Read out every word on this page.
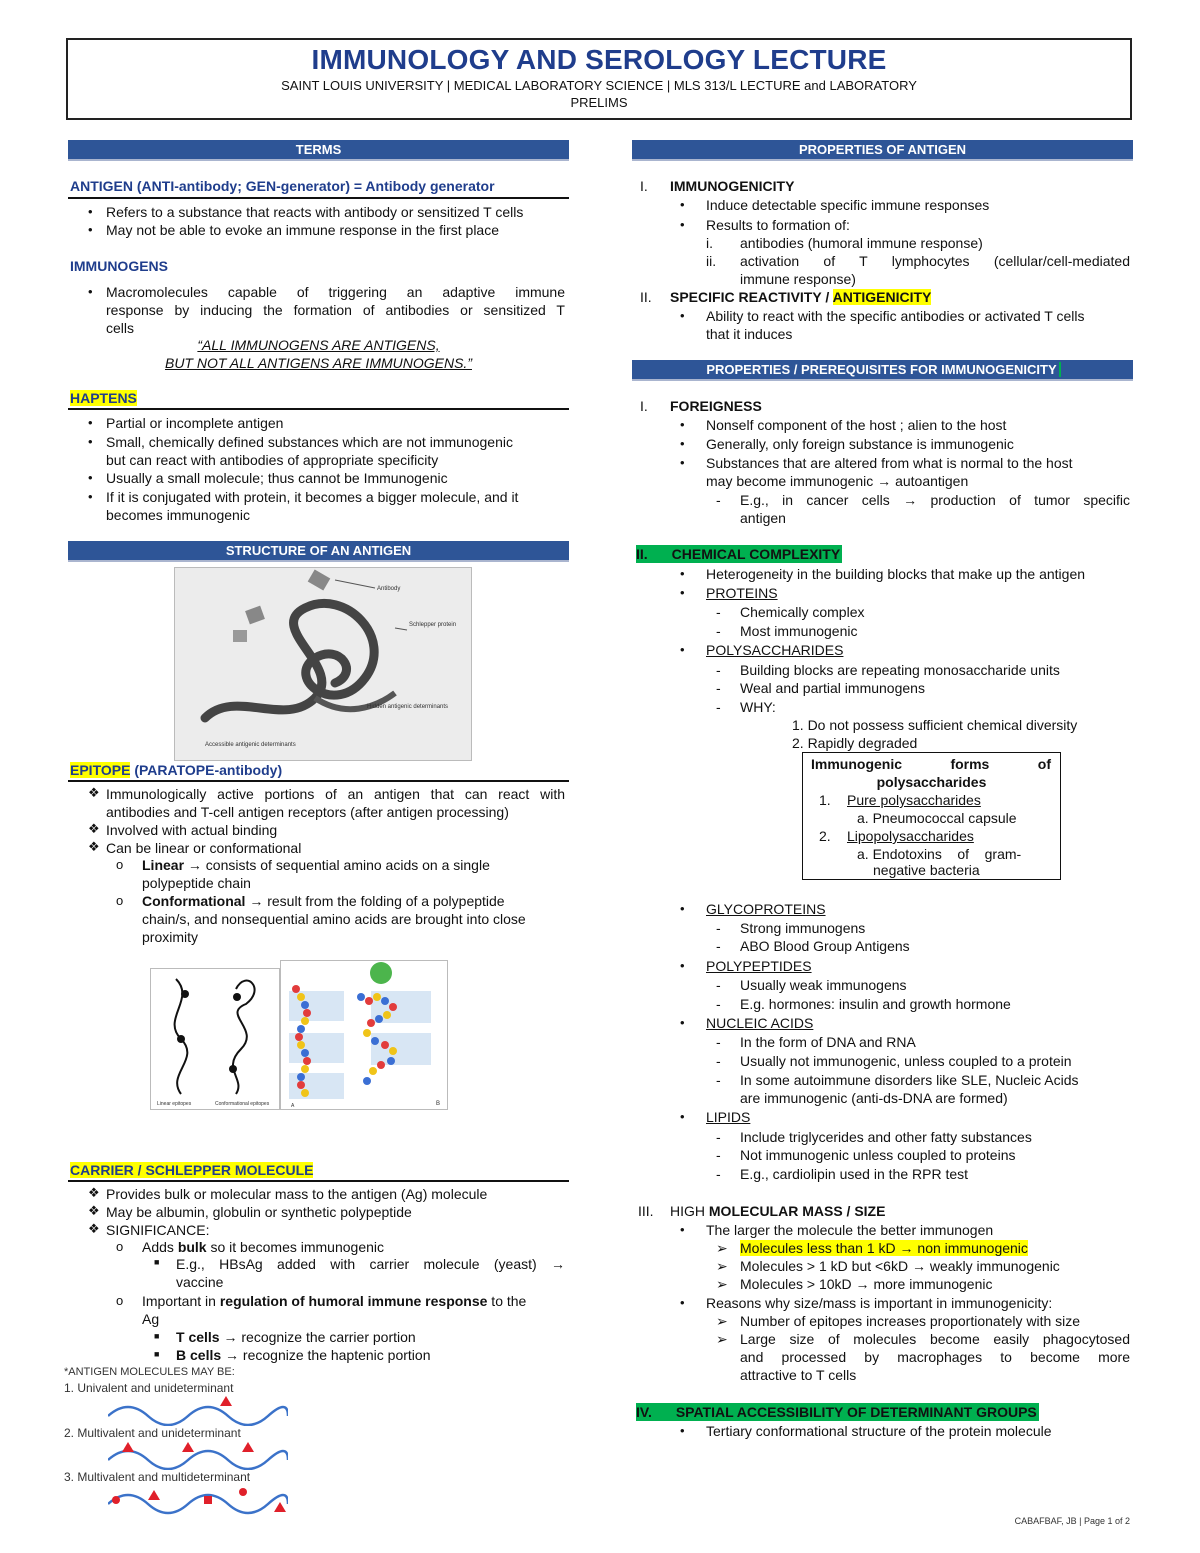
IMMUNOLOGY AND SEROLOGY LECTURE
SAINT LOUIS UNIVERSITY | MEDICAL LABORATORY SCIENCE | MLS 313/L LECTURE and LABORATORY
PRELIMS
TERMS
ANTIGEN (ANTI-antibody; GEN-generator) = Antibody generator
• Refers to a substance that reacts with antibody or sensitized T cells
• May not be able to evoke an immune response in the first place
IMMUNOGENS
• Macromolecules capable of triggering an adaptive immune
response by inducing the formation of antibodies or sensitized T
cells
“ALL IMMUNOGENS ARE ANTIGENS,
BUT NOT ALL ANTIGENS ARE IMMUNOGENS.”
HAPTENS
• Partial or incomplete antigen
• Small, chemically defined substances which are not immunogenic
but can react with antibodies of appropriate specificity
• Usually a small molecule; thus cannot be Immunogenic
• If it is conjugated with protein, it becomes a bigger molecule, and it
becomes immunogenic
STRUCTURE OF AN ANTIGEN
Antibody
Schlepper protein
Hidden antigenic determinants
Accessible antigenic determinants
EPITOPE (PARATOPE-antibody)
❖ Immunologically active portions of an antigen that can react with
antibodies and T-cell antigen receptors (after antigen processing)
❖ Involved with actual binding
❖ Can be linear or conformational
o Linear → consists of sequential amino acids on a single
polypeptide chain
o Conformational → result from the folding of a polypeptide
chain/s, and nonsequential amino acids are brought into close
proximity
Linear epitopes	Conformational epitopes	A	B
CARRIER / SCHLEPPER MOLECULE
❖ Provides bulk or molecular mass to the antigen (Ag) molecule
❖ May be albumin, globulin or synthetic polypeptide
❖ SIGNIFICANCE:
o Adds bulk so it becomes immunogenic
■ E.g., HBsAg added with carrier molecule (yeast) →
vaccine
o Important in regulation of humoral immune response to the
Ag
■ T cells → recognize the carrier portion
■ B cells → recognize the haptenic portion
*ANTIGEN MOLECULES MAY BE:
1. Univalent and unideterminant
2. Multivalent and unideterminant
3. Multivalent and multideterminant
PROPERTIES OF ANTIGEN
I. IMMUNOGENICITY
• Induce detectable specific immune responses
• Results to formation of:
i. antibodies (humoral immune response)
ii. activation of T lymphocytes (cellular/cell-mediated
immune response)
II. SPECIFIC REACTIVITY / ANTIGENICITY
• Ability to react with the specific antibodies or activated T cells
that it induces
PROPERTIES / PREREQUISITES FOR IMMUNOGENICITY
I. FOREIGNESS
• Nonself component of the host ; alien to the host
• Generally, only foreign substance is immunogenic
• Substances that are altered from what is normal to the host
may become immunogenic → autoantigen
- E.g., in cancer cells → production of tumor specific
antigen
II. CHEMICAL COMPLEXITY
• Heterogeneity in the building blocks that make up the antigen
• PROTEINS
- Chemically complex
- Most immunogenic
• POLYSACCHARIDES
- Building blocks are repeating monosaccharide units
- Weal and partial immunogens
- WHY:
1. Do not possess sufficient chemical diversity
2. Rapidly degraded
Immunogenic      forms      of
polysaccharides
1. Pure polysaccharides
a. Pneumococcal capsule
2. Lipopolysaccharides
a. Endotoxins    of    gram-
negative bacteria
• GLYCOPROTEINS
- Strong immunogens
- ABO Blood Group Antigens
• POLYPEPTIDES
- Usually weak immunogens
- E.g. hormones: insulin and growth hormone
• NUCLEIC ACIDS
- In the form of DNA and RNA
- Usually not immunogenic, unless coupled to a protein
- In some autoimmune disorders like SLE, Nucleic Acids
are immunogenic (anti-ds-DNA are formed)
• LIPIDS
- Include triglycerides and other fatty substances
- Not immunogenic unless coupled to proteins
- E.g., cardiolipin used in the RPR test
III. HIGH MOLECULAR MASS / SIZE
• The larger the molecule the better immunogen
➢ Molecules less than 1 kD → non immunogenic
➢ Molecules > 1 kD but <6kD → weakly immunogenic
➢ Molecules > 10kD → more immunogenic
• Reasons why size/mass is important in immunogenicity:
➢ Number of epitopes increases proportionately with size
➢ Large size of molecules become easily phagocytosed
and processed by macrophages to become more
attractive to T cells
IV. SPATIAL ACCESSIBILITY OF DETERMINANT GROUPS
• Tertiary conformational structure of the protein molecule
CABAFBAF, JB | Page 1 of 2
